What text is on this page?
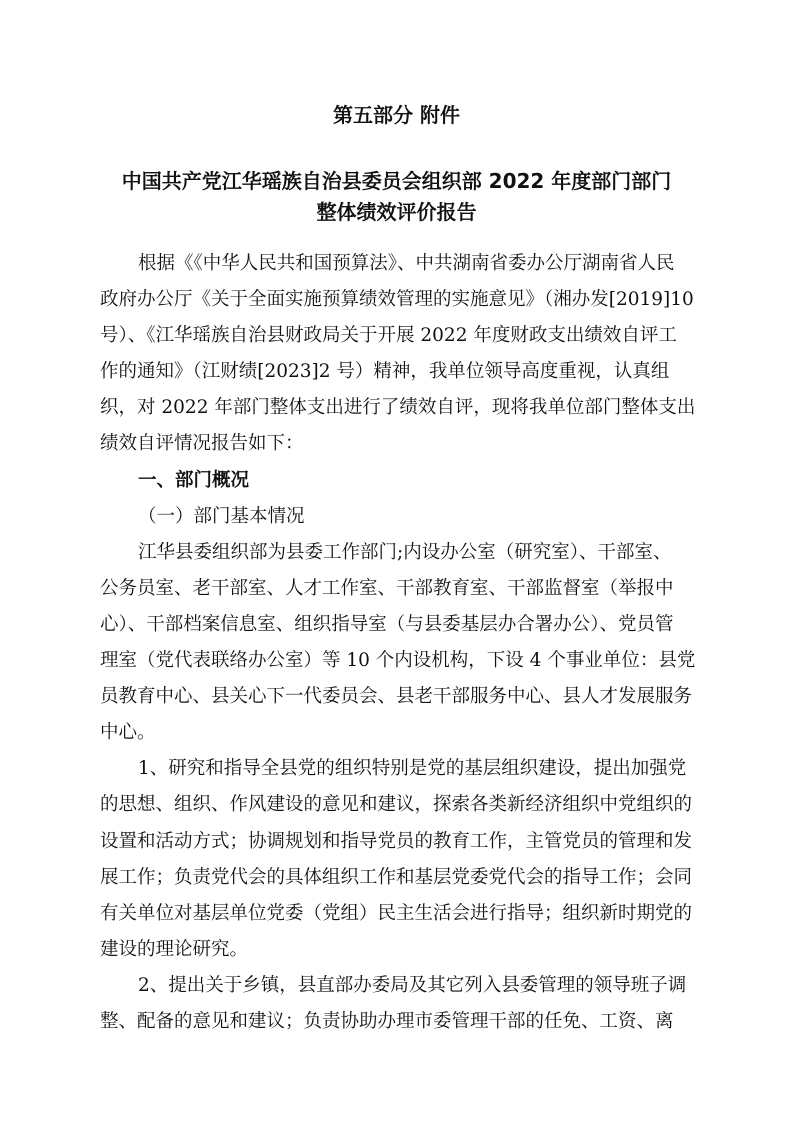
第五部分 附件
中国共产党江华瑶族自治县委员会组织部 2022 年度部门部门
整体绩效评价报告
根据《《中华人民共和国预算法》、中共湖南省委办公厅湖南省人民
政府办公厅《关于全面实施预算绩效管理的实施意见》（湘办发[2019]10
号）、《江华瑶族自治县财政局关于开展 2022 年度财政支出绩效自评工
作的通知》（江财绩[2023]2 号）精神，我单位领导高度重视，认真组
织，对 2022 年部门整体支出进行了绩效自评，现将我单位部门整体支出
绩效自评情况报告如下：
一、部门概况
（一）部门基本情况
江华县委组织部为县委工作部门;内设办公室（研究室）、干部室、
公务员室、老干部室、人才工作室、干部教育室、干部监督室（举报中
心）、干部档案信息室、组织指导室（与县委基层办合署办公）、党员管
理室（党代表联络办公室）等 10 个内设机构，下设 4 个事业单位：县党
员教育中心、县关心下一代委员会、县老干部服务中心、县人才发展服务
中心。
1、研究和指导全县党的组织特别是党的基层组织建设，提出加强党
的思想、组织、作风建设的意见和建议，探索各类新经济组织中党组织的
设置和活动方式；协调规划和指导党员的教育工作，主管党员的管理和发
展工作；负责党代会的具体组织工作和基层党委党代会的指导工作；会同
有关单位对基层单位党委（党组）民主生活会进行指导；组织新时期党的
建设的理论研究。
2、提出关于乡镇，县直部办委局及其它列入县委管理的领导班子调
整、配备的意见和建议；负责协助办理市委管理干部的任免、工资、离
